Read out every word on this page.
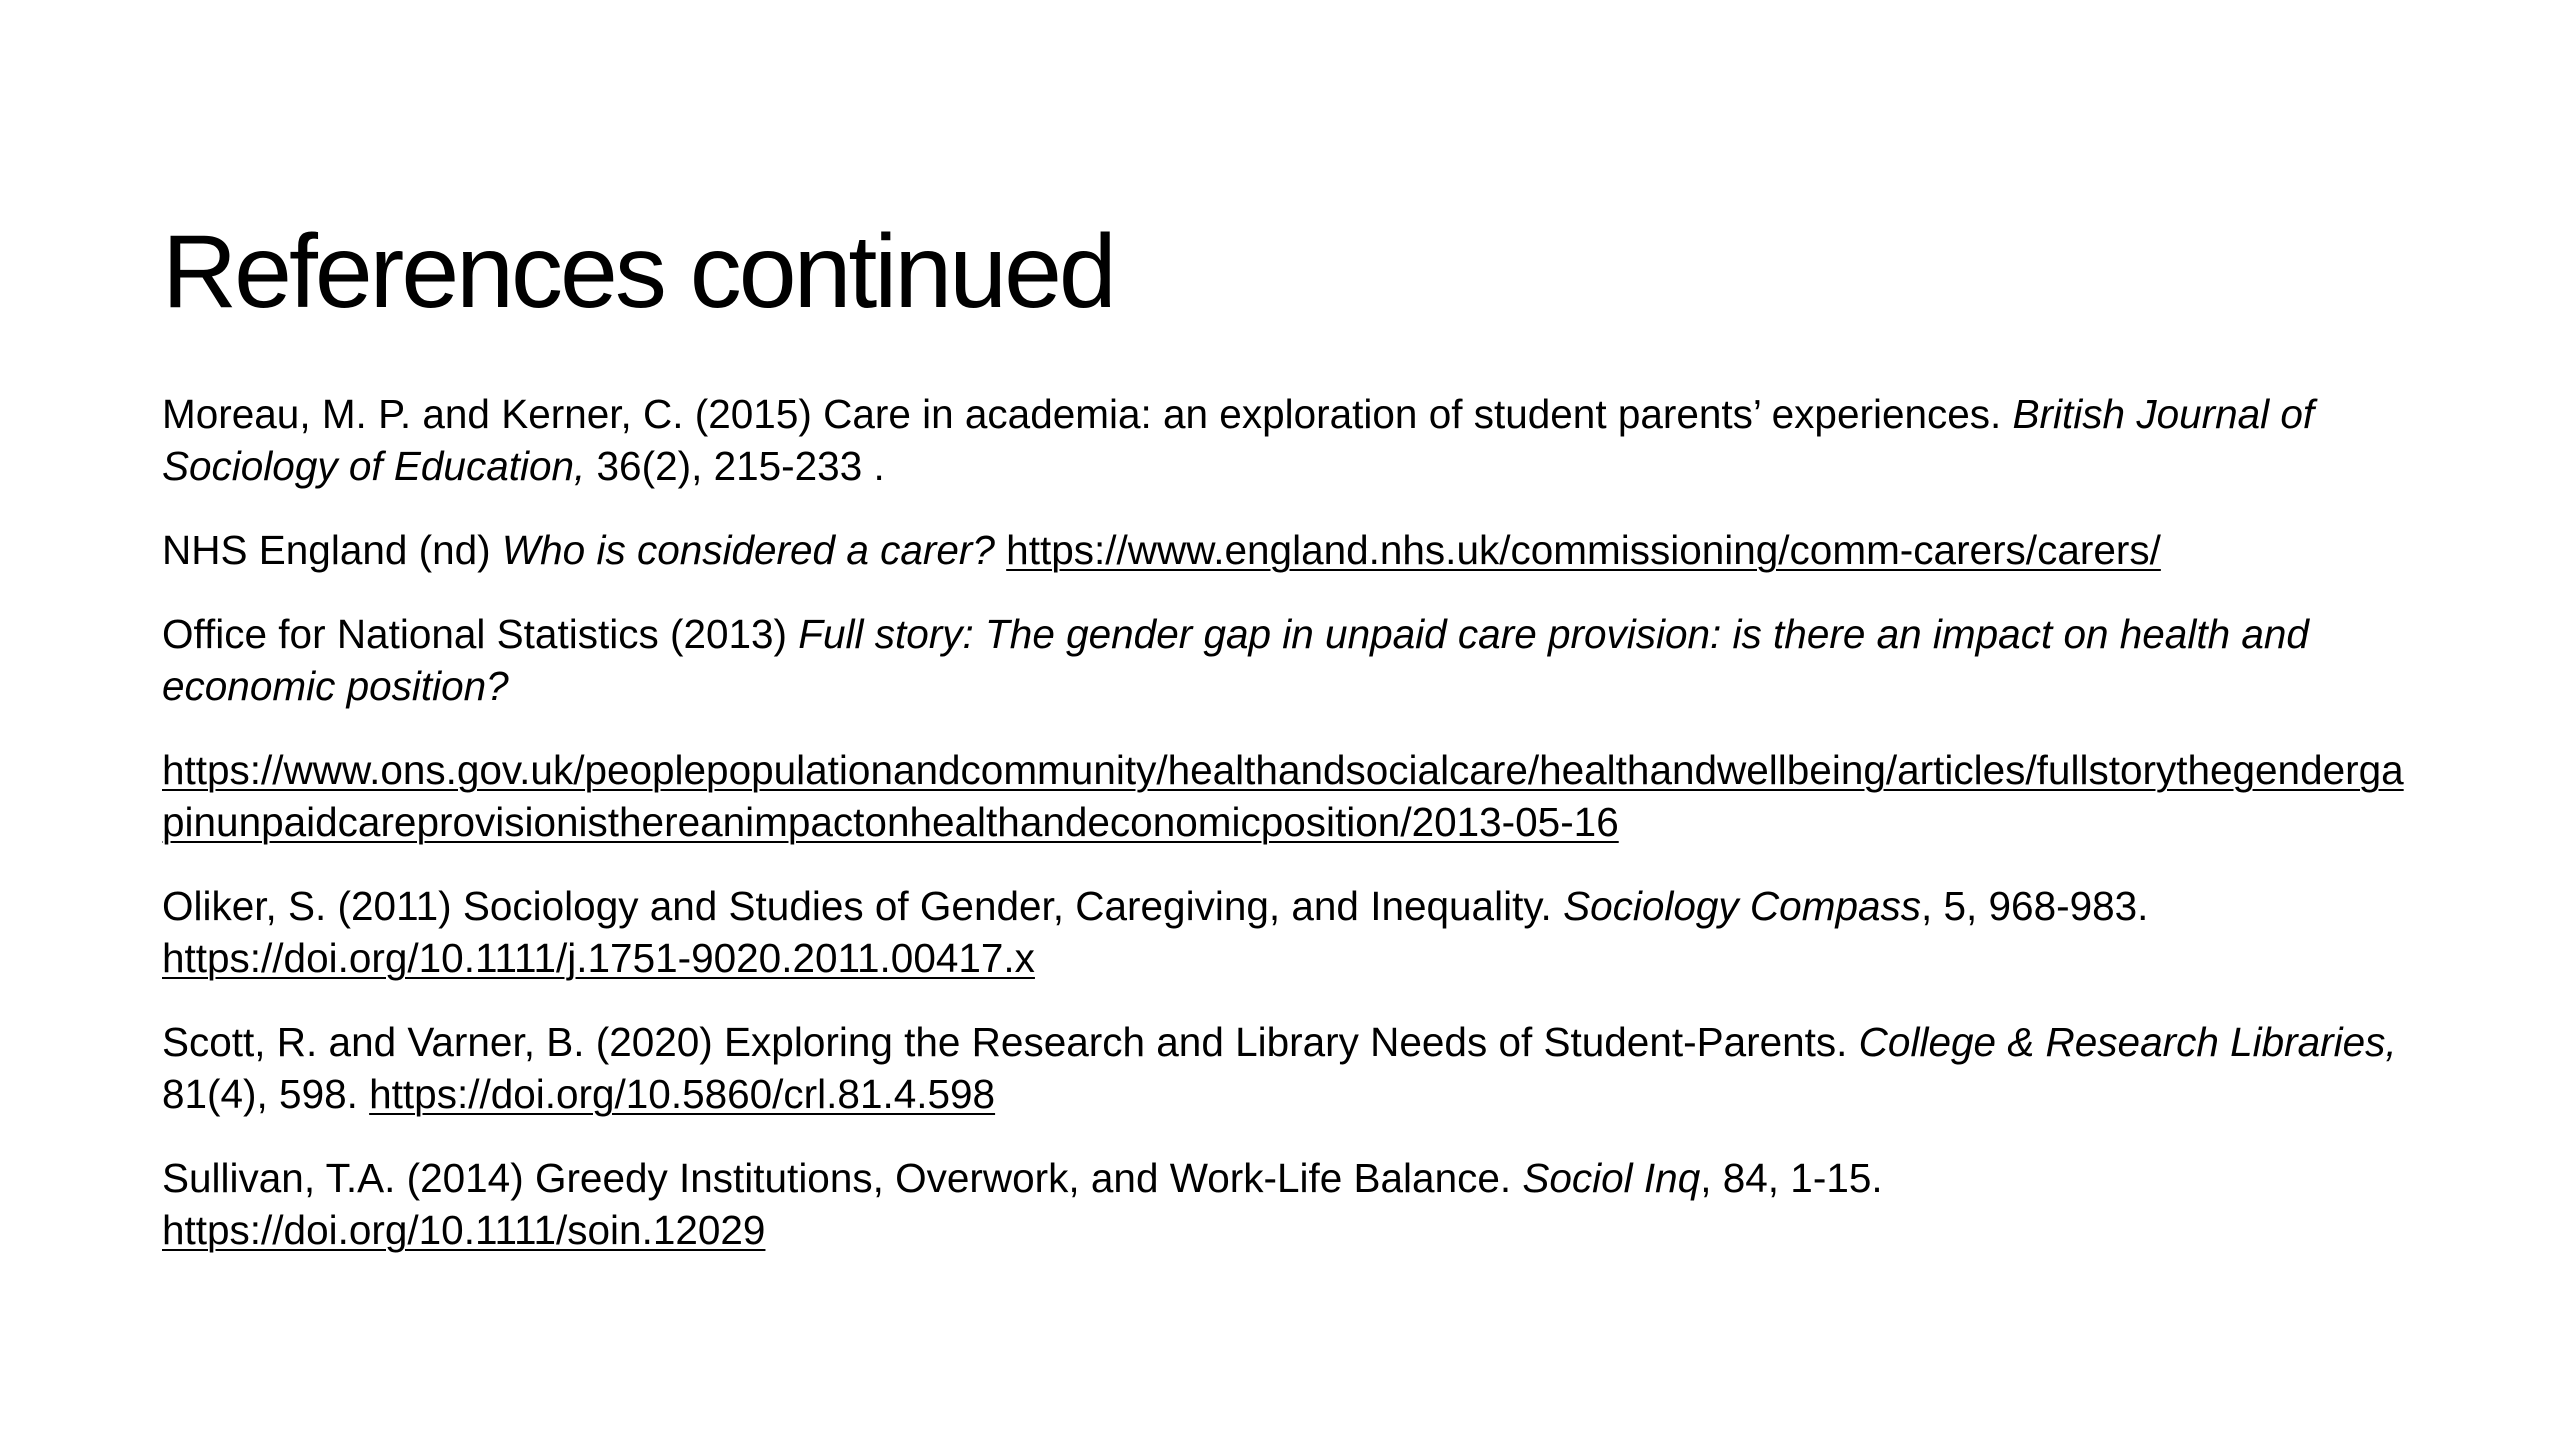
References continued

Moreau, M. P. and Kerner, C. (2015) Care in academia: an exploration of student parents’ experiences. British Journal of Sociology of Education, 36(2), 215-233 .

NHS England (nd) Who is considered a carer? https://www.england.nhs.uk/commissioning/comm-carers/carers/

Office for National Statistics (2013) Full story: The gender gap in unpaid care provision: is there an impact on health and economic position?

https://www.ons.gov.uk/peoplepopulationandcommunity/healthandsocialcare/healthandwellbeing/articles/fullstorythegendergapinunpaidcareprovisionisthereanimpactonhealthandeconomicposition/2013-05-16

Oliker, S. (2011) Sociology and Studies of Gender, Caregiving, and Inequality. Sociology Compass, 5, 968-983. https://doi.org/10.1111/j.1751-9020.2011.00417.x

Scott, R. and Varner, B. (2020) Exploring the Research and Library Needs of Student-Parents. College & Research Libraries, 81(4), 598. https://doi.org/10.5860/crl.81.4.598

Sullivan, T.A. (2014) Greedy Institutions, Overwork, and Work-Life Balance. Sociol Inq, 84, 1-15. https://doi.org/10.1111/soin.12029
